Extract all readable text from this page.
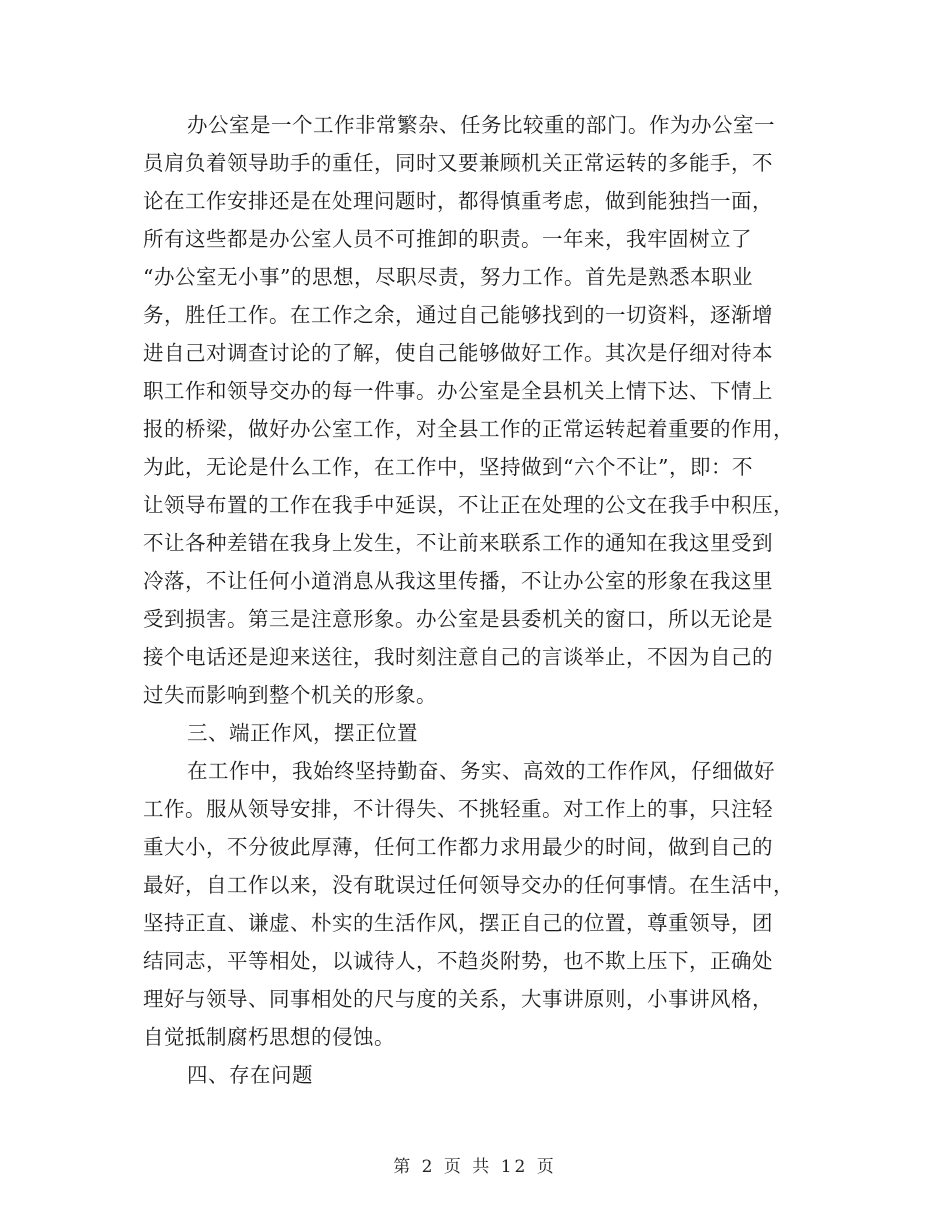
办公室是一个工作非常繁杂、任务比较重的部门。作为办公室一
员肩负着领导助手的重任，同时又要兼顾机关正常运转的多能手，不
论在工作安排还是在处理问题时，都得慎重考虑，做到能独挡一面，
所有这些都是办公室人员不可推卸的职责。一年来，我牢固树立了
“办公室无小事”的思想，尽职尽责，努力工作。首先是熟悉本职业
务，胜任工作。在工作之余，通过自己能够找到的一切资料，逐渐增
进自己对调查讨论的了解，使自己能够做好工作。其次是仔细对待本
职工作和领导交办的每一件事。办公室是全县机关上情下达、下情上
报的桥梁，做好办公室工作，对全县工作的正常运转起着重要的作用，
为此，无论是什么工作，在工作中，坚持做到“六个不让”，即：不
让领导布置的工作在我手中延误，不让正在处理的公文在我手中积压，
不让各种差错在我身上发生，不让前来联系工作的通知在我这里受到
冷落，不让任何小道消息从我这里传播，不让办公室的形象在我这里
受到损害。第三是注意形象。办公室是县委机关的窗口，所以无论是
接个电话还是迎来送往，我时刻注意自己的言谈举止，不因为自己的
过失而影响到整个机关的形象。
三、端正作风，摆正位置
在工作中，我始终坚持勤奋、务实、高效的工作作风，仔细做好
工作。服从领导安排，不计得失、不挑轻重。对工作上的事，只注轻
重大小，不分彼此厚薄，任何工作都力求用最少的时间，做到自己的
最好，自工作以来，没有耽误过任何领导交办的任何事情。在生活中，
坚持正直、谦虚、朴实的生活作风，摆正自己的位置，尊重领导，团
结同志，平等相处，以诚待人，不趋炎附势，也不欺上压下，正确处
理好与领导、同事相处的尺与度的关系，大事讲原则，小事讲风格，
自觉抵制腐朽思想的侵蚀。
四、存在问题
第 2 页 共 12 页
